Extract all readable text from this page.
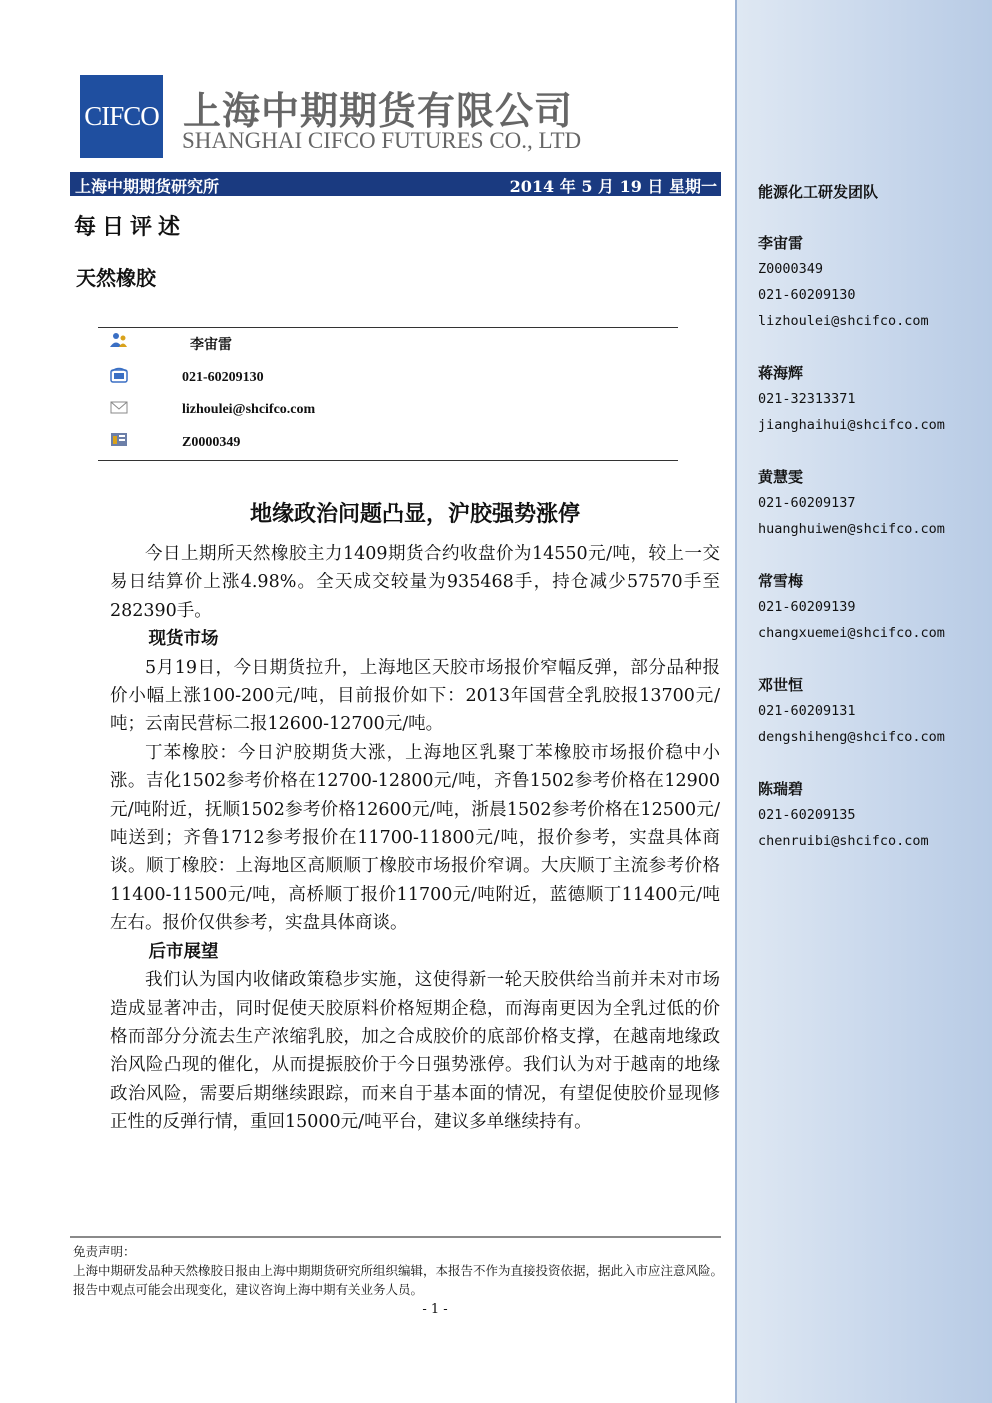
CIFCO 上海中期期货有限公司
SHANGHAI CIFCO FUTURES CO., LTD
上海中期期货研究所	2014 年 5 月 19 日 星期一
每日评述
天然橡胶
李宙雷
021-60209130
lizhoulei@shcifco.com
Z0000349
地缘政治问题凸显，沪胶强势涨停

今日上期所天然橡胶主力1409期货合约收盘价为14550元/吨，较上一交易日结算价上涨4.98%。全天成交较量为935468手，持仓减少57570手至282390手。

现货市场

5月19日，今日期货拉升，上海地区天胶市场报价窄幅反弹，部分品种报价小幅上涨100-200元/吨，目前报价如下：2013年国营全乳胶报13700元/吨；云南民营标二报12600-12700元/吨。

丁苯橡胶：今日沪胶期货大涨，上海地区乳聚丁苯橡胶市场报价稳中小涨。吉化1502参考价格在12700-12800元/吨，齐鲁1502参考价格在12900元/吨附近，抚顺1502参考价格12600元/吨，浙晨1502参考价格在12500元/吨送到；齐鲁1712参考报价在11700-11800元/吨，报价参考，实盘具体商谈。顺丁橡胶：上海地区高顺顺丁橡胶市场报价窄调。大庆顺丁主流参考价格11400-11500元/吨，高桥顺丁报价11700元/吨附近，蓝德顺丁11400元/吨左右。报价仅供参考，实盘具体商谈。

后市展望

我们认为国内收储政策稳步实施，这使得新一轮天胶供给当前并未对市场造成显著冲击，同时促使天胶原料价格短期企稳，而海南更因为全乳过低的价格而部分分流去生产浓缩乳胶，加之合成胶价的底部价格支撑，在越南地缘政治风险凸现的催化，从而提振胶价于今日强势涨停。我们认为对于越南的地缘政治风险，需要后期继续跟踪，而来自于基本面的情况，有望促使胶价显现修正性的反弹行情，重回15000元/吨平台，建议多单继续持有。

免责声明：

上海中期研发品种天然橡胶日报由上海中期期货研究所组织编辑，本报告不作为直接投资依据，据此入市应注意风险。报告中观点可能会出现变化，建议咨询上海中期有关业务人员。

- 1 -
能源化工研发团队
李宙雷
Z0000349
021-60209130
lizhoulei@shcifco.com
蒋海辉
021-32313371
jianghaihui@shcifco.com
黄慧雯
021-60209137
huanghuiwen@shcifco.com
常雪梅
021-60209139
changxuemei@shcifco.com
邓世恒
021-60209131
dengshiheng@shcifco.com
陈瑞碧
021-60209135
chenruibi@shcifco.com
